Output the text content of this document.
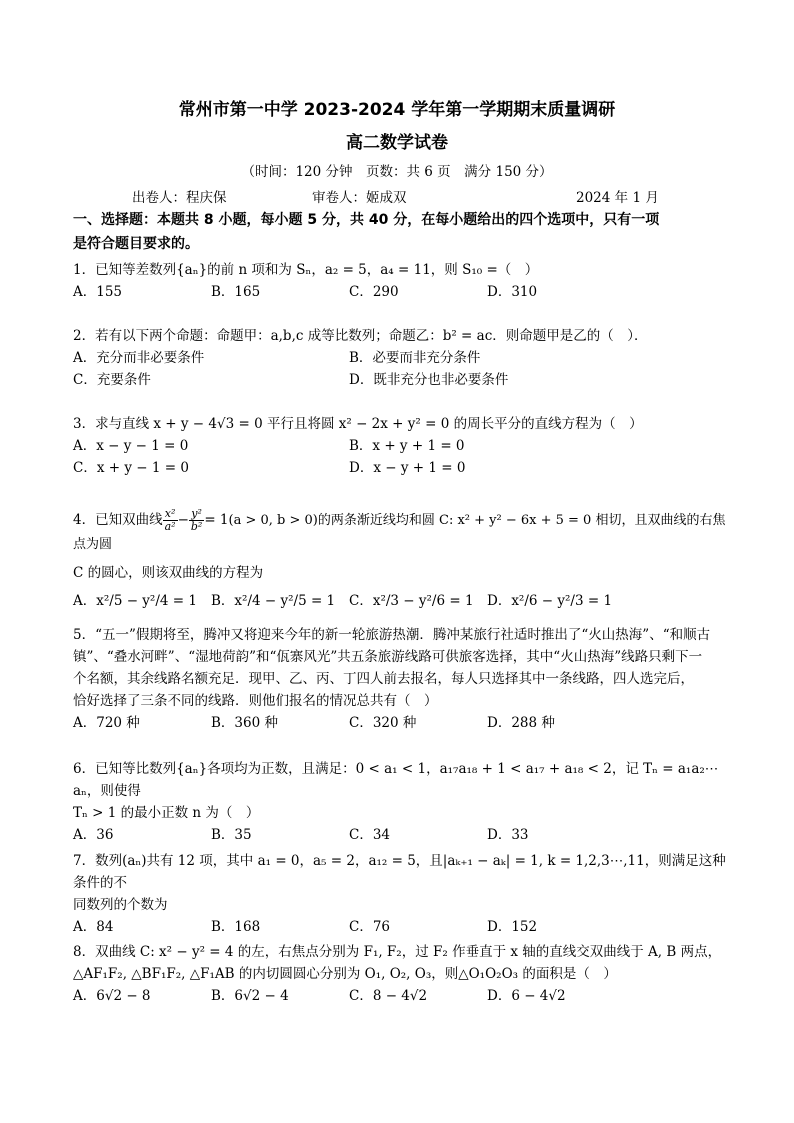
常州市第一中学 2023-2024 学年第一学期期末质量调研
高二数学试卷
（时间：120 分钟　页数：共 6 页　满分 150 分）
出卷人：程庆保	审卷人：姬成双	2024 年 1 月
一、选择题：本题共 8 小题，每小题 5 分，共 40 分，在每小题给出的四个选项中，只有一项
是符合题目要求的。
1．已知等差数列{aₙ}的前 n 项和为 Sₙ，a₂ = 5，a₄ = 11，则 S₁₀ =（　）
A．155	B．165	C．290	D．310
2．若有以下两个命题：命题甲：a,b,c 成等比数列；命题乙：b² = ac．则命题甲是乙的（　）．
A．充分而非必要条件	B．必要而非充分条件
C．充要条件	D．既非充分也非必要条件
3．求与直线 x + y − 4√3 = 0 平行且将圆 x² − 2x + y² = 0 的周长平分的直线方程为（　）
A．x − y − 1 = 0	B．x + y + 1 = 0
C．x + y − 1 = 0	D．x − y + 1 = 0
4．已知双曲线 $\frac{\text{x²}}{\text{a²}} - \frac{\text{y²}}{\text{b²}} = 1(a > 0$, b > 0)的两条渐近线均和圆 C: x² + y² − 6x + 5 = 0 相切，且双曲线的右焦点为圆
C 的圆心，则该双曲线的方程为
A．x²/5 − y²/4 = 1 B．x²/4 − y²/5 = 1 C．x²/3 − y²/6 = 1 D．x²/6 − y²/3 = 1
5．“五一”假期将至，腾冲又将迎来今年的新一轮旅游热潮．腾冲某旅行社适时推出了“火山热海”、“和顺古
镇”、“叠水河畔”、“湿地荷韵”和“佤寨风光”共五条旅游线路可供旅客选择，其中“火山热海”线路只剩下一
个名额，其余线路名额充足．现甲、乙、丙、丁四人前去报名，每人只选择其中一条线路，四人选完后，
恰好选择了三条不同的线路．则他们报名的情况总共有（　）
A．720 种	B．360 种	C．320 种	D．288 种
6．已知等比数列{aₙ}各项均为正数，且满足：0 < a₁ < 1，a₁₇a₁₈ + 1 < a₁₇ + a₁₈ < 2，记 Tₙ = a₁a₂⋯aₙ，则使得
Tₙ > 1 的最小正数 n 为（　）
A．36	B．35	C．34	D．33
7．数列(aₙ)共有 12 项，其中 a₁ = 0，a₅ = 2，a₁₂ = 5，且|aₖ₊₁ − aₖ| = 1, k = 1,2,3⋯,11，则满足这种条件的不
同数列的个数为
A．84	B．168	C．76	D．152
8．双曲线 C: x² − y² = 4 的左，右焦点分别为 F₁, F₂，过 F₂ 作垂直于 x 轴的直线交双曲线于 A, B 两点，
△AF₁F₂, △BF₁F₂, △F₁AB 的内切圆圆心分别为 O₁, O₂, O₃，则△O₁O₂O₃ 的面积是（　）
A．6√2 − 8	B．6√2 − 4	C．8 − 4√2	D．6 − 4√2
